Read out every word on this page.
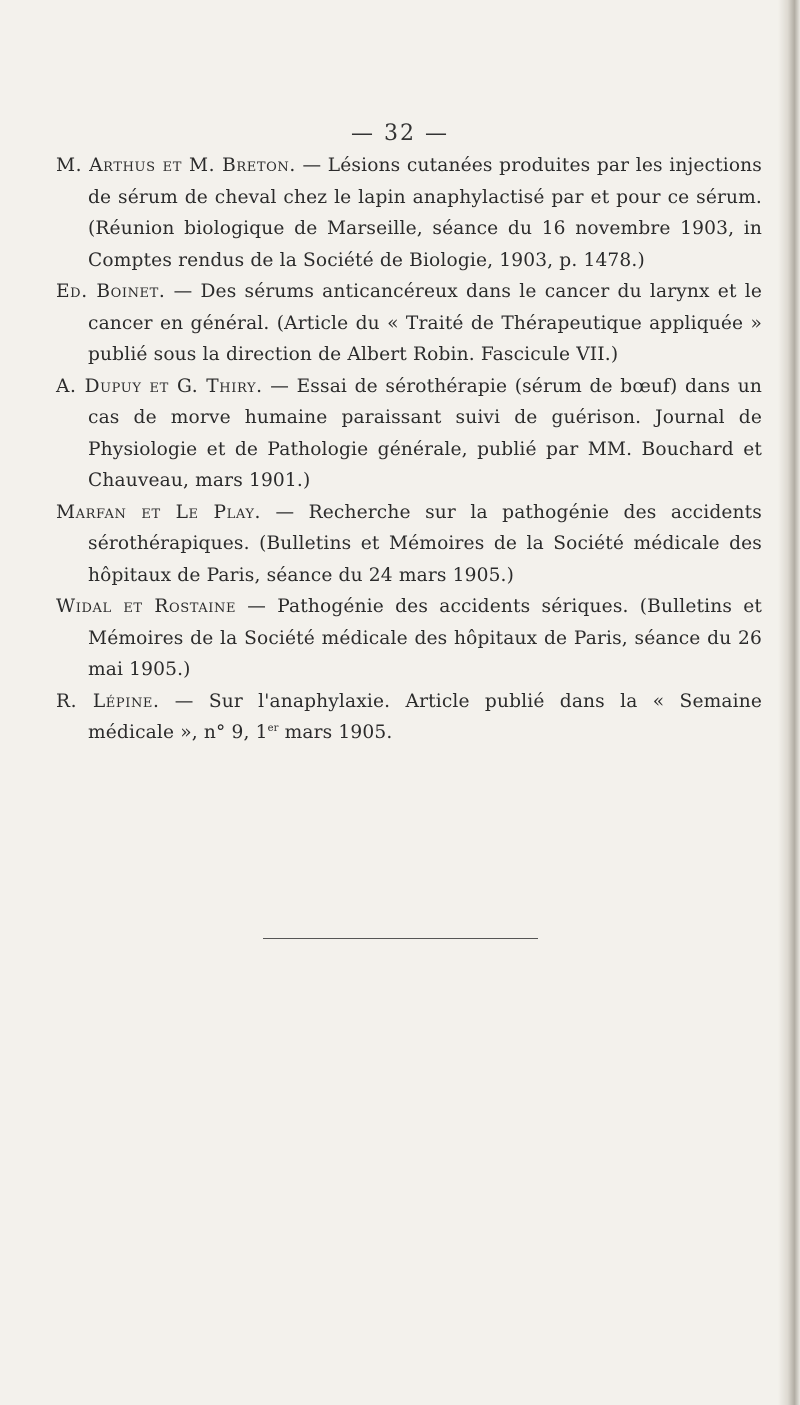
— 32 —

M. Arthus et M. Breton. — Lésions cutanées produites par les injections de sérum de cheval chez le lapin anaphylactisé par et pour ce sérum. (Réunion biologique de Marseille, séance du 16 novembre 1903, in Comptes rendus de la Société de Biologie, 1903, p. 1478.)

Ed. Boinet. — Des sérums anticancéreux dans le cancer du larynx et le cancer en général. (Article du « Traité de Thérapeutique appliquée » publié sous la direction de Albert Robin. Fascicule VII.)

A. Dupuy et G. Thiry. — Essai de sérothérapie (sérum de bœuf) dans un cas de morve humaine paraissant suivi de guérison. Journal de Physiologie et de Pathologie générale, publié par MM. Bouchard et Chauveau, mars 1901.)

Marfan et Le Play. — Recherche sur la pathogénie des accidents sérothérapiques. (Bulletins et Mémoires de la Société médicale des hôpitaux de Paris, séance du 24 mars 1905.)

Widal et Rostaine — Pathogénie des accidents sériques. (Bulletins et Mémoires de la Société médicale des hôpitaux de Paris, séance du 26 mai 1905.)

R. Lépine. — Sur l'anaphylaxie. Article publié dans la « Semaine médicale », n° 9, 1er mars 1905.
